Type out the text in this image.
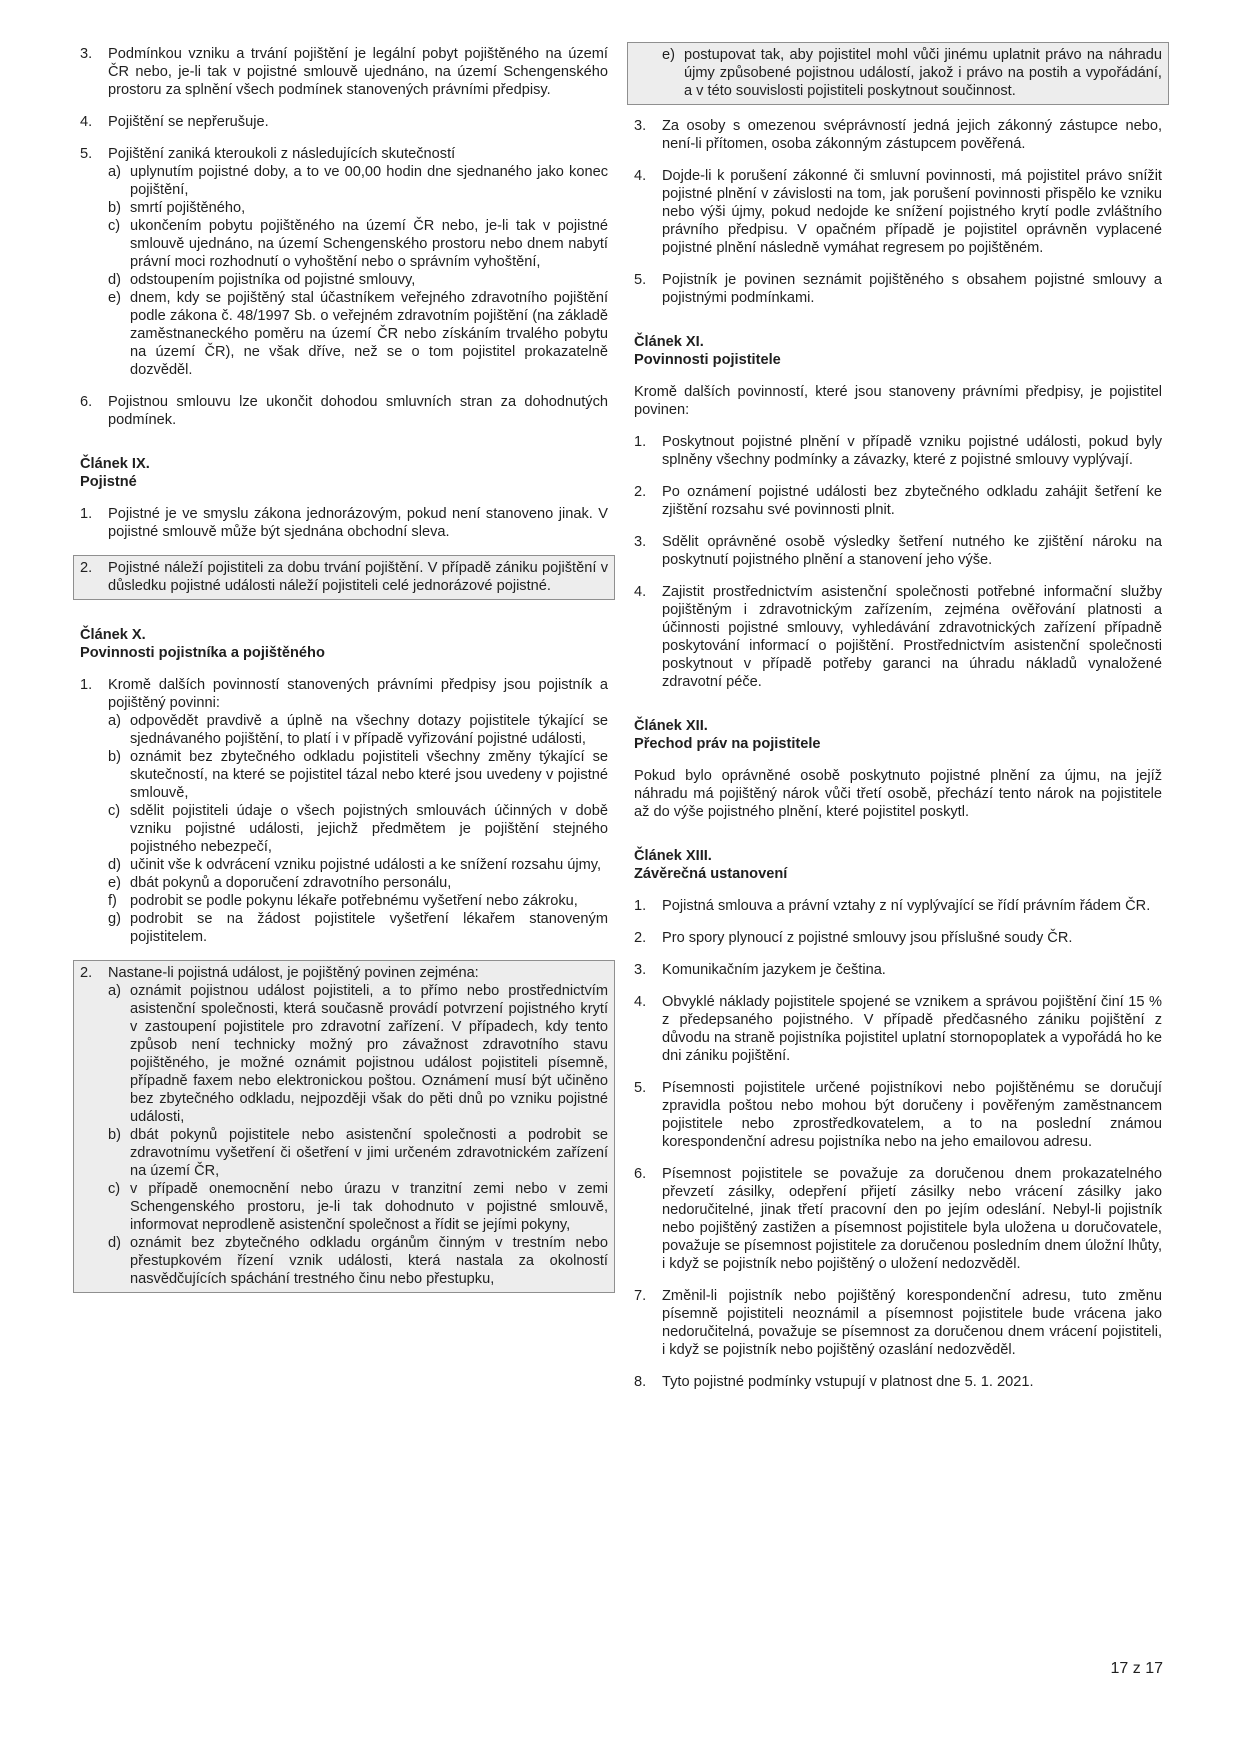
3.	Podmínkou vzniku a trvání pojištění je legální pobyt pojištěného na území ČR nebo, je-li tak v pojistné smlouvě ujednáno, na území Schengenského prostoru za splnění všech podmínek stanovených právními předpisy.
4.	Pojištění se nepřerušuje.
5.	Pojištění zaniká kteroukoli z následujících skutečností
a) uplynutím pojistné doby, a to ve 00,00 hodin dne sjednaného jako konec pojištění,
b) smrtí pojištěného,
c) ukončením pobytu pojištěného na území ČR nebo, je-li tak v pojistné smlouvě ujednáno, na území Schengenského prostoru nebo dnem nabytí právní moci rozhodnutí o vyhoštění nebo o správním vyhoštění,
d) odstoupením pojistníka od pojistné smlouvy,
e) dnem, kdy se pojištěný stal účastníkem veřejného zdravotního pojištění podle zákona č. 48/1997 Sb. o veřejném zdravotním pojištění (na základě zaměstnaneckého poměru na území ČR nebo získáním trvalého pobytu na území ČR), ne však dříve, než se o tom pojistitel prokazatelně dozvěděl.
6.	Pojistnou smlouvu lze ukončit dohodou smluvních stran za dohodnutých podmínek.
Článek IX.
Pojistné
1.	Pojistné je ve smyslu zákona jednorázovým, pokud není stanoveno jinak. V pojistné smlouvě může být sjednána obchodní sleva.
2.	Pojistné náleží pojistiteli za dobu trvání pojištění. V případě zániku pojištění v důsledku pojistné události náleží pojistiteli celé jednorázové pojistné.
Článek X.
Povinnosti pojistníka a pojištěného
1.	Kromě dalších povinností stanovených právními předpisy jsou pojistník a pojištěný povinni:
a) odpovědět pravdivě a úplně na všechny dotazy pojistitele týkající se sjednávaného pojištění, to platí i v případě vyřizování pojistné události,
b) oznámit bez zbytečného odkladu pojistiteli všechny změny týkající se skutečností, na které se pojistitel tázal nebo které jsou uvedeny v pojistné smlouvě,
c) sdělit pojistiteli údaje o všech pojistných smlouvách účinných v době vzniku pojistné události, jejichž předmětem je pojištění stejného pojistného nebezpečí,
d) učinit vše k odvrácení vzniku pojistné události a ke snížení rozsahu újmy,
e) dbát pokynů a doporučení zdravotního personálu,
f) podrobit se podle pokynu lékaře potřebnému vyšetření nebo zákroku,
g) podrobit se na žádost pojistitele vyšetření lékařem stanoveným pojistitelem.
2.	Nastane-li pojistná událost, je pojištěný povinen zejména:
a) oznámit pojistnou událost pojistiteli, a to přímo nebo prostřednictvím asistenční společnosti, která současně provádí potvrzení pojistného krytí v zastoupení pojistitele pro zdravotní zařízení. V případech, kdy tento způsob není technicky možný pro závažnost zdravotního stavu pojištěného, je možné oznámit pojistnou událost pojistiteli písemně, případně faxem nebo elektronickou poštou. Oznámení musí být učiněno bez zbytečného odkladu, nejpozději však do pěti dnů po vzniku pojistné události,
b) dbát pokynů pojistitele nebo asistenční společnosti a podrobit se zdravotnímu vyšetření či ošetření v jimi určeném zdravotnickém zařízení na území ČR,
c) v případě onemocnění nebo úrazu v tranzitní zemi nebo v zemi Schengenského prostoru, je-li tak dohodnuto v pojistné smlouvě, informovat neprodleně asistenční společnost a řídit se jejími pokyny,
d) oznámit bez zbytečného odkladu orgánům činným v trestním nebo přestupkovém řízení vznik události, která nastala za okolností nasvědčujících spáchání trestného činu nebo přestupku,
e) postupovat tak, aby pojistitel mohl vůči jinému uplatnit právo na náhradu újmy způsobené pojistnou událostí, jakož i právo na postih a vypořádání, a v této souvislosti pojistiteli poskytnout součinnost.
3.	Za osoby s omezenou svéprávností jedná jejich zákonný zástupce nebo, není-li přítomen, osoba zákonným zástupcem pověřená.
4.	Dojde-li k porušení zákonné či smluvní povinnosti, má pojistitel právo snížit pojistné plnění v závislosti na tom, jak porušení povinnosti přispělo ke vzniku nebo výši újmy, pokud nedojde ke snížení pojistného krytí podle zvláštního právního předpisu. V opačném případě je pojistitel oprávněn vyplacené pojistné plnění následně vymáhat regresem po pojištěném.
5.	Pojistník je povinen seznámit pojištěného s obsahem pojistné smlouvy a pojistnými podmínkami.
Článek XI.
Povinnosti pojistitele
Kromě dalších povinností, které jsou stanoveny právními předpisy, je pojistitel povinen:
1.	Poskytnout pojistné plnění v případě vzniku pojistné události, pokud byly splněny všechny podmínky a závazky, které z pojistné smlouvy vyplývají.
2.	Po oznámení pojistné události bez zbytečného odkladu zahájit šetření ke zjištění rozsahu své povinnosti plnit.
3.	Sdělit oprávněné osobě výsledky šetření nutného ke zjištění nároku na poskytnutí pojistného plnění a stanovení jeho výše.
4.	Zajistit prostřednictvím asistenční společnosti potřebné informační služby pojištěným i zdravotnickým zařízením, zejména ověřování platnosti a účinnosti pojistné smlouvy, vyhledávání zdravotnických zařízení případně poskytování informací o pojištění. Prostřednictvím asistenční společnosti poskytnout v případě potřeby garanci na úhradu nákladů vynaložené zdravotní péče.
Článek XII.
Přechod práv na pojistitele
Pokud bylo oprávněné osobě poskytnuto pojistné plnění za újmu, na jejíž náhradu má pojištěný nárok vůči třetí osobě, přechází tento nárok na pojistitele až do výše pojistného plnění, které pojistitel poskytl.
Článek XIII.
Závěrečná ustanovení
1.	Pojistná smlouva a právní vztahy z ní vyplývající se řídí právním řádem ČR.
2.	Pro spory plynoucí z pojistné smlouvy jsou příslušné soudy ČR.
3.	Komunikačním jazykem je čeština.
4.	Obvyklé náklady pojistitele spojené se vznikem a správou pojištění činí 15 % z předepsaného pojistného. V případě předčasného zániku pojištění z důvodu na straně pojistníka pojistitel uplatní stornopoplatek a vypořádá ho ke dni zániku pojištění.
5.	Písemnosti pojistitele určené pojistníkovi nebo pojištěnému se doručují zpravidla poštou nebo mohou být doručeny i pověřeným zaměstnancem pojistitele nebo zprostředkovatelem, a to na poslední známou korespondenční adresu pojistníka nebo na jeho emailovou adresu.
6.	Písemnost pojistitele se považuje za doručenou dnem prokazatelného převzetí zásilky, odepření přijetí zásilky nebo vrácení zásilky jako nedoručitelné, jinak třetí pracovní den po jejím odeslání. Nebyl-li pojistník nebo pojištěný zastižen a písemnost pojistitele byla uložena u doručovatele, považuje se písemnost pojistitele za doručenou posledním dnem úložní lhůty, i když se pojistník nebo pojištěný o uložení nedozvěděl.
7.	Změnil-li pojistník nebo pojištěný korespondenční adresu, tuto změnu písemně pojistiteli neoznámil a písemnost pojistitele bude vrácena jako nedoručitelná, považuje se písemnost za doručenou dnem vrácení pojistiteli, i když se pojistník nebo pojištěný ozaslání nedozvěděl.
8.	Tyto pojistné podmínky vstupují v platnost dne 5. 1. 2021.
17 z 17
